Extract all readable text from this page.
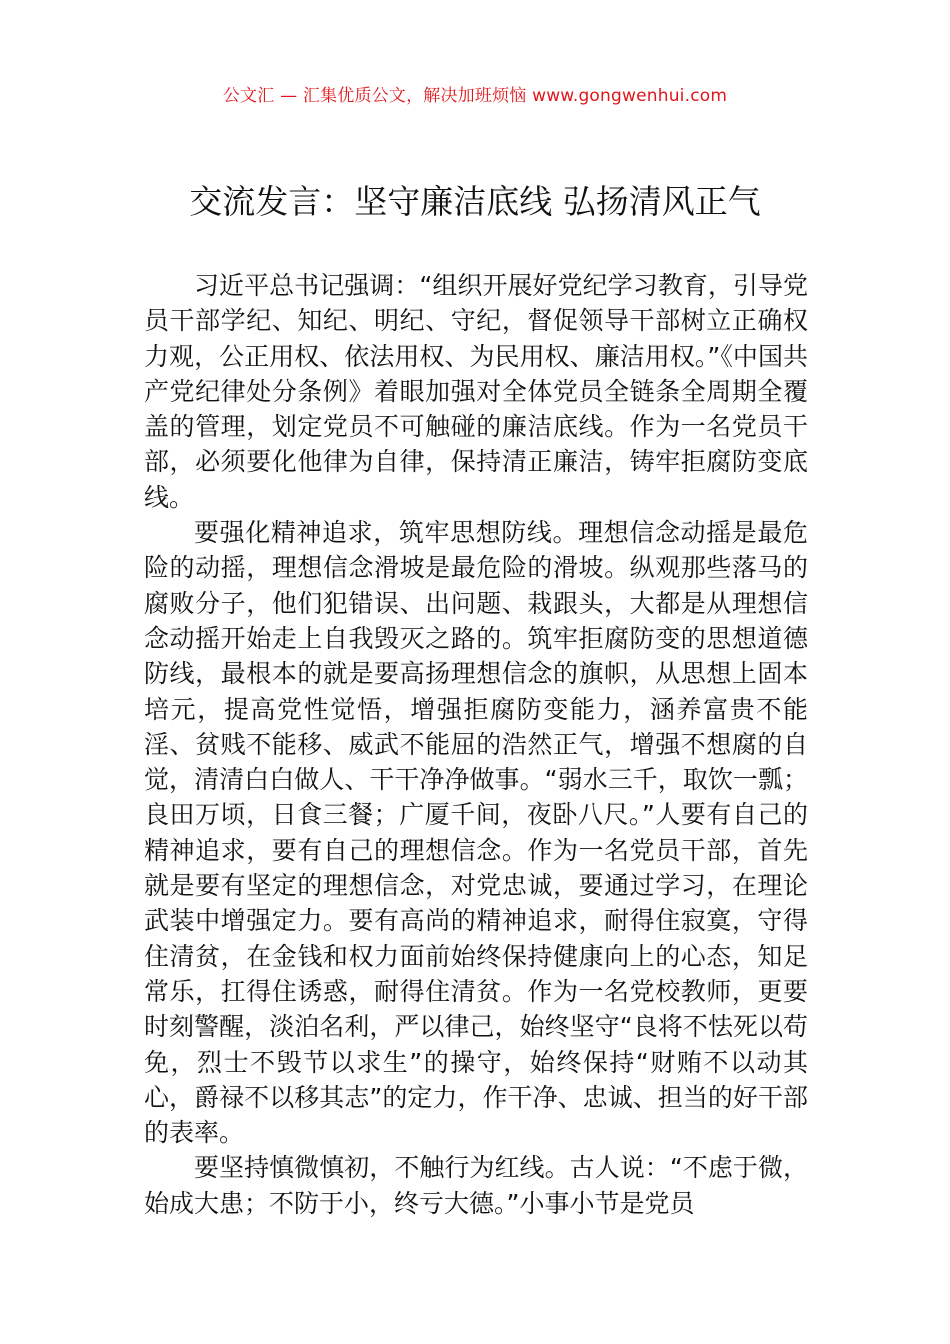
公文汇 — 汇集优质公文，解决加班烦恼 www.gongwenhui.com
交流发言：坚守廉洁底线 弘扬清风正气

习近平总书记强调：“组织开展好党纪学习教育，引导党员干部学纪、知纪、明纪、守纪，督促领导干部树立正确权力观，公正用权、依法用权、为民用权、廉洁用权。”《中国共产党纪律处分条例》着眼加强对全体党员全链条全周期全覆盖的管理，划定党员不可触碰的廉洁底线。作为一名党员干部，必须要化他律为自律，保持清正廉洁，铸牢拒腐防变底线。

要强化精神追求，筑牢思想防线。理想信念动摇是最危险的动摇，理想信念滑坡是最危险的滑坡。纵观那些落马的腐败分子，他们犯错误、出问题、栽跟头，大都是从理想信念动摇开始走上自我毁灭之路的。筑牢拒腐防变的思想道德防线，最根本的就是要高扬理想信念的旗帜，从思想上固本培元，提高党性觉悟，增强拒腐防变能力，涵养富贵不能淫、贫贱不能移、威武不能屈的浩然正气，增强不想腐的自觉，清清白白做人、干干净净做事。“弱水三千，取饮一瓢；良田万顷，日食三餐；广厦千间，夜卧八尺。”人要有自己的精神追求，要有自己的理想信念。作为一名党员干部，首先就是要有坚定的理想信念，对党忠诚，要通过学习，在理论武装中增强定力。要有高尚的精神追求，耐得住寂寞，守得住清贫，在金钱和权力面前始终保持健康向上的心态，知足常乐，扛得住诱惑，耐得住清贫。作为一名党校教师，更要时刻警醒，淡泊名利，严以律己，始终坚守“良将不怯死以苟免，烈士不毁节以求生”的操守，始终保持“财贿不以动其心，爵禄不以移其志”的定力，作干净、忠诚、担当的好干部的表率。

要坚持慎微慎初，不触行为红线。古人说：“不虑于微，始成大患；不防于小，终亏大德。”小事小节是党员
